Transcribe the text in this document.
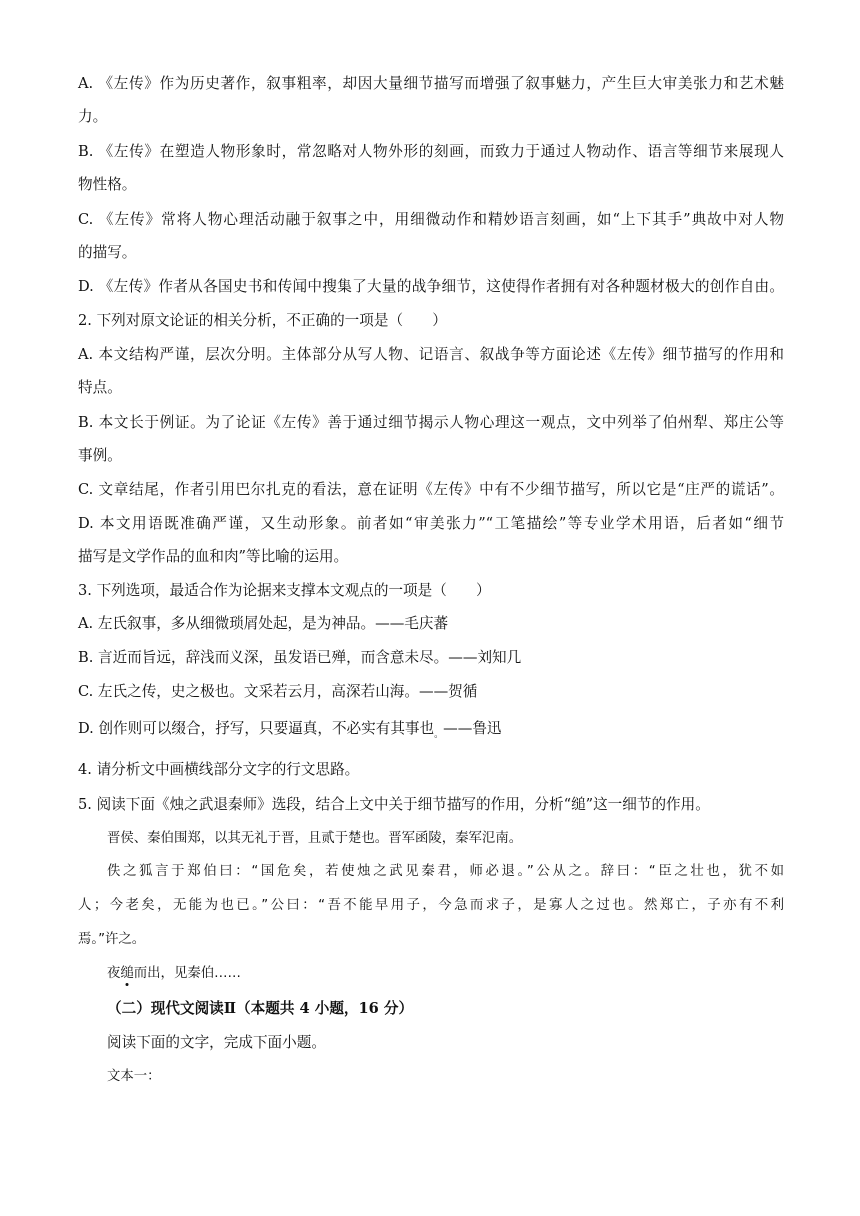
A. 《左传》作为历史著作，叙事粗率，却因大量细节描写而增强了叙事魅力，产生巨大审美张力和艺术魅
力。
B. 《左传》在塑造人物形象时，常忽略对人物外形的刻画，而致力于通过人物动作、语言等细节来展现人
物性格。
C. 《左传》常将人物心理活动融于叙事之中，用细微动作和精妙语言刻画，如“上下其手”典故中对人物
的描写。
D. 《左传》作者从各国史书和传闻中搜集了大量的战争细节，这使得作者拥有对各种题材极大的创作自由。
2. 下列对原文论证的相关分析，不正确的一项是（　　）
A. 本文结构严谨，层次分明。主体部分从写人物、记语言、叙战争等方面论述《左传》细节描写的作用和
特点。
B. 本文长于例证。为了论证《左传》善于通过细节揭示人物心理这一观点，文中列举了伯州犁、郑庄公等
事例。
C. 文章结尾，作者引用巴尔扎克的看法，意在证明《左传》中有不少细节描写，所以它是“庄严的谎话”。
D. 本文用语既准确严谨，又生动形象。前者如“审美张力”“工笔描绘”等专业学术用语，后者如“细节
描写是文学作品的血和肉”等比喻的运用。
3. 下列选项，最适合作为论据来支撑本文观点的一项是（　　）
A. 左氏叙事，多从细微琐屑处起，是为神品。——毛庆蕃
B. 言近而旨远，辞浅而义深，虽发语已殚，而含意未尽。——刘知几
C. 左氏之传，史之极也。文采若云月，高深若山海。——贺循
D. 创作则可以缀合，抒写，只要逼真，不必实有其事也$_。$——鲁迅
4. 请分析文中画横线部分文字的行文思路。
5. 阅读下面《烛之武退秦师》选段，结合上文中关于细节描写的作用，分析“缒”这一细节的作用。
晋侯、秦伯围郑，以其无礼于晋，且贰于楚也。晋军函陵，秦军氾南。
佚之狐言于郑伯曰：“国危矣，若使烛之武见秦君，师必退。”公从之。辞曰：“臣之壮也，犹不如
人；今老矣，无能为也已。”公曰：“吾不能早用子，今急而求子，是寡人之过也。然郑亡，子亦有不利
焉。”许之。
夜缒而出，见秦伯……
（二）现代文阅读Ⅱ（本题共 4 小题，16 分）
阅读下面的文字，完成下面小题。
文本一：
